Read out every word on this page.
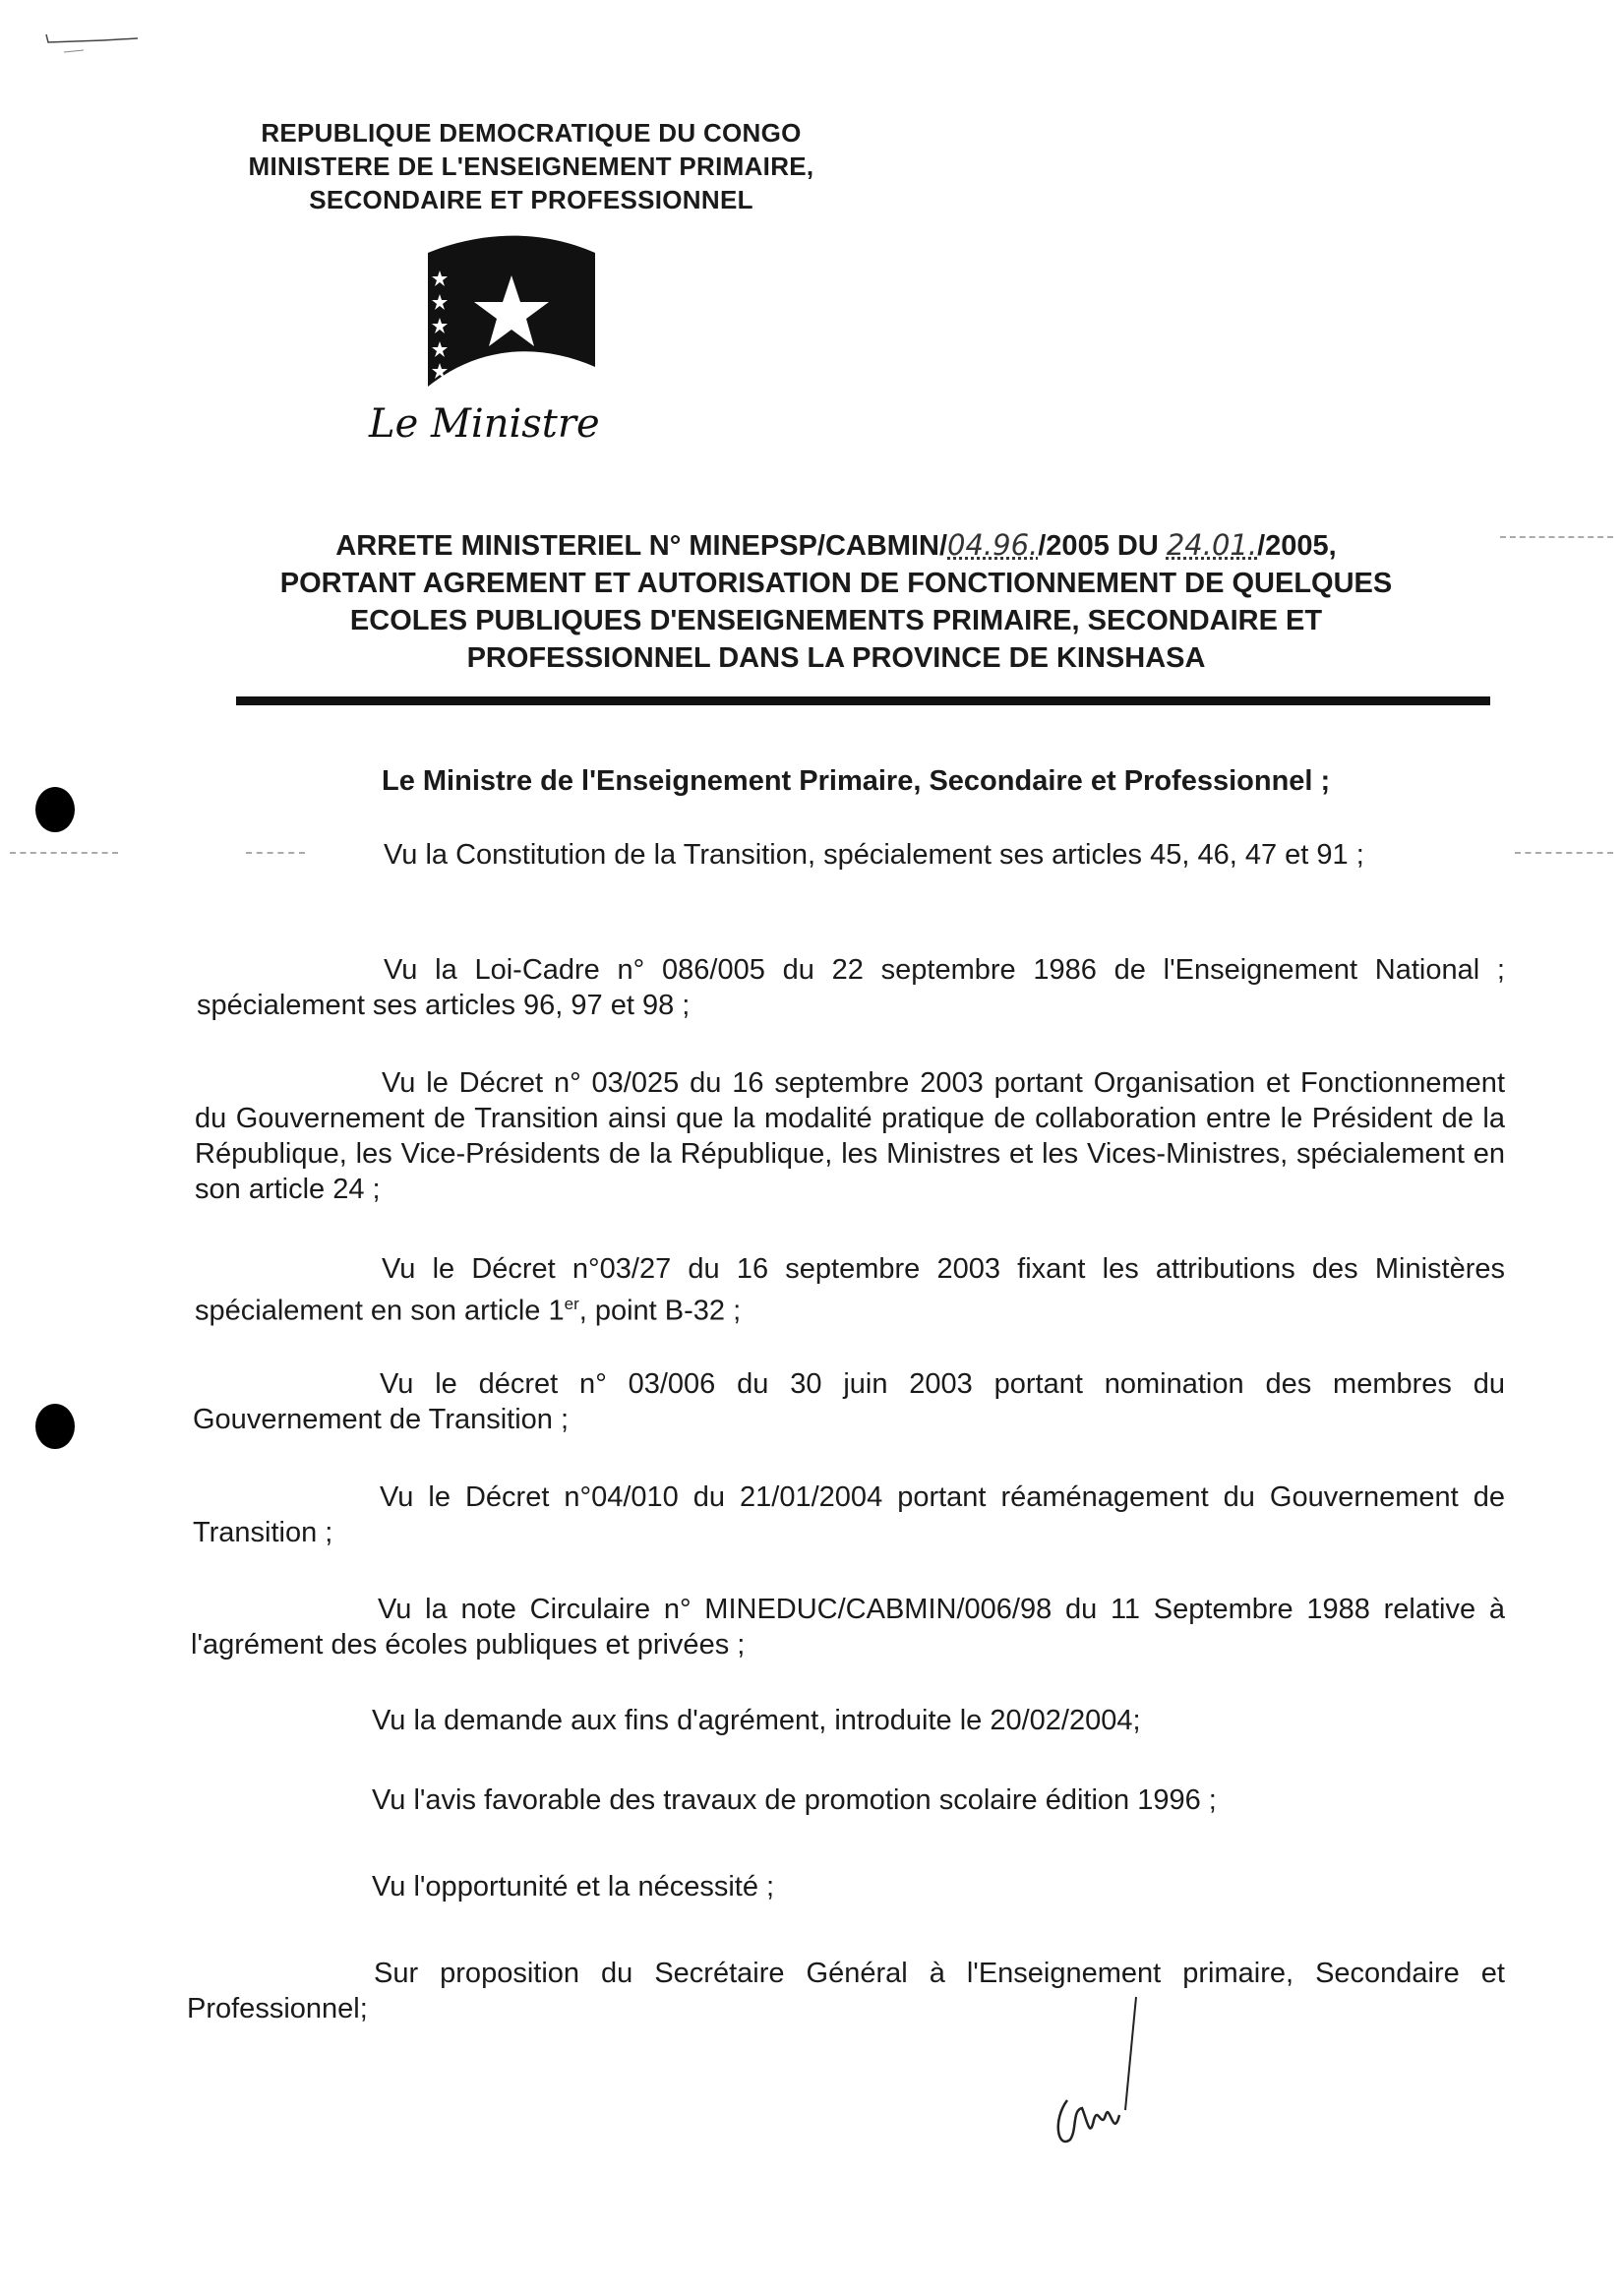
REPUBLIQUE DEMOCRATIQUE DU CONGO
MINISTERE DE L'ENSEIGNEMENT PRIMAIRE,
SECONDAIRE ET PROFESSIONNEL
Le Ministre
ARRETE MINISTERIEL N° MINEPSP/CABMIN/04.96./2005 DU 24.01./2005,
PORTANT AGREMENT ET AUTORISATION DE FONCTIONNEMENT DE QUELQUES
ECOLES PUBLIQUES D'ENSEIGNEMENTS PRIMAIRE, SECONDAIRE ET
PROFESSIONNEL DANS LA PROVINCE DE KINSHASA
Le Ministre de l'Enseignement Primaire, Secondaire et Professionnel ;
Vu la Constitution de la Transition, spécialement ses articles 45, 46, 47 et 91 ;
Vu la Loi-Cadre n° 086/005 du 22 septembre 1986 de l'Enseignement National ; spécialement ses articles 96, 97 et 98 ;
Vu le Décret n° 03/025 du 16 septembre 2003 portant Organisation et Fonctionnement du Gouvernement de Transition ainsi que la modalité pratique de collaboration entre le Président de la République, les Vice-Présidents de la République, les Ministres et les Vices-Ministres, spécialement en son article 24 ;
Vu le Décret n°03/27 du 16 septembre 2003 fixant les attributions des Ministères spécialement en son article 1er, point B-32 ;
Vu le décret n° 03/006 du 30 juin 2003 portant nomination des membres du Gouvernement de Transition ;
Vu le Décret n°04/010 du 21/01/2004 portant réaménagement du Gouvernement de Transition ;
Vu la note Circulaire n° MINEDUC/CABMIN/006/98 du 11 Septembre 1988 relative à l'agrément des écoles publiques et privées ;
Vu la demande aux fins d'agrément, introduite le 20/02/2004;
Vu l'avis favorable des travaux de promotion scolaire édition 1996 ;
Vu l'opportunité et la nécessité ;
Sur proposition du Secrétaire Général à l'Enseignement primaire, Secondaire et Professionnel;
